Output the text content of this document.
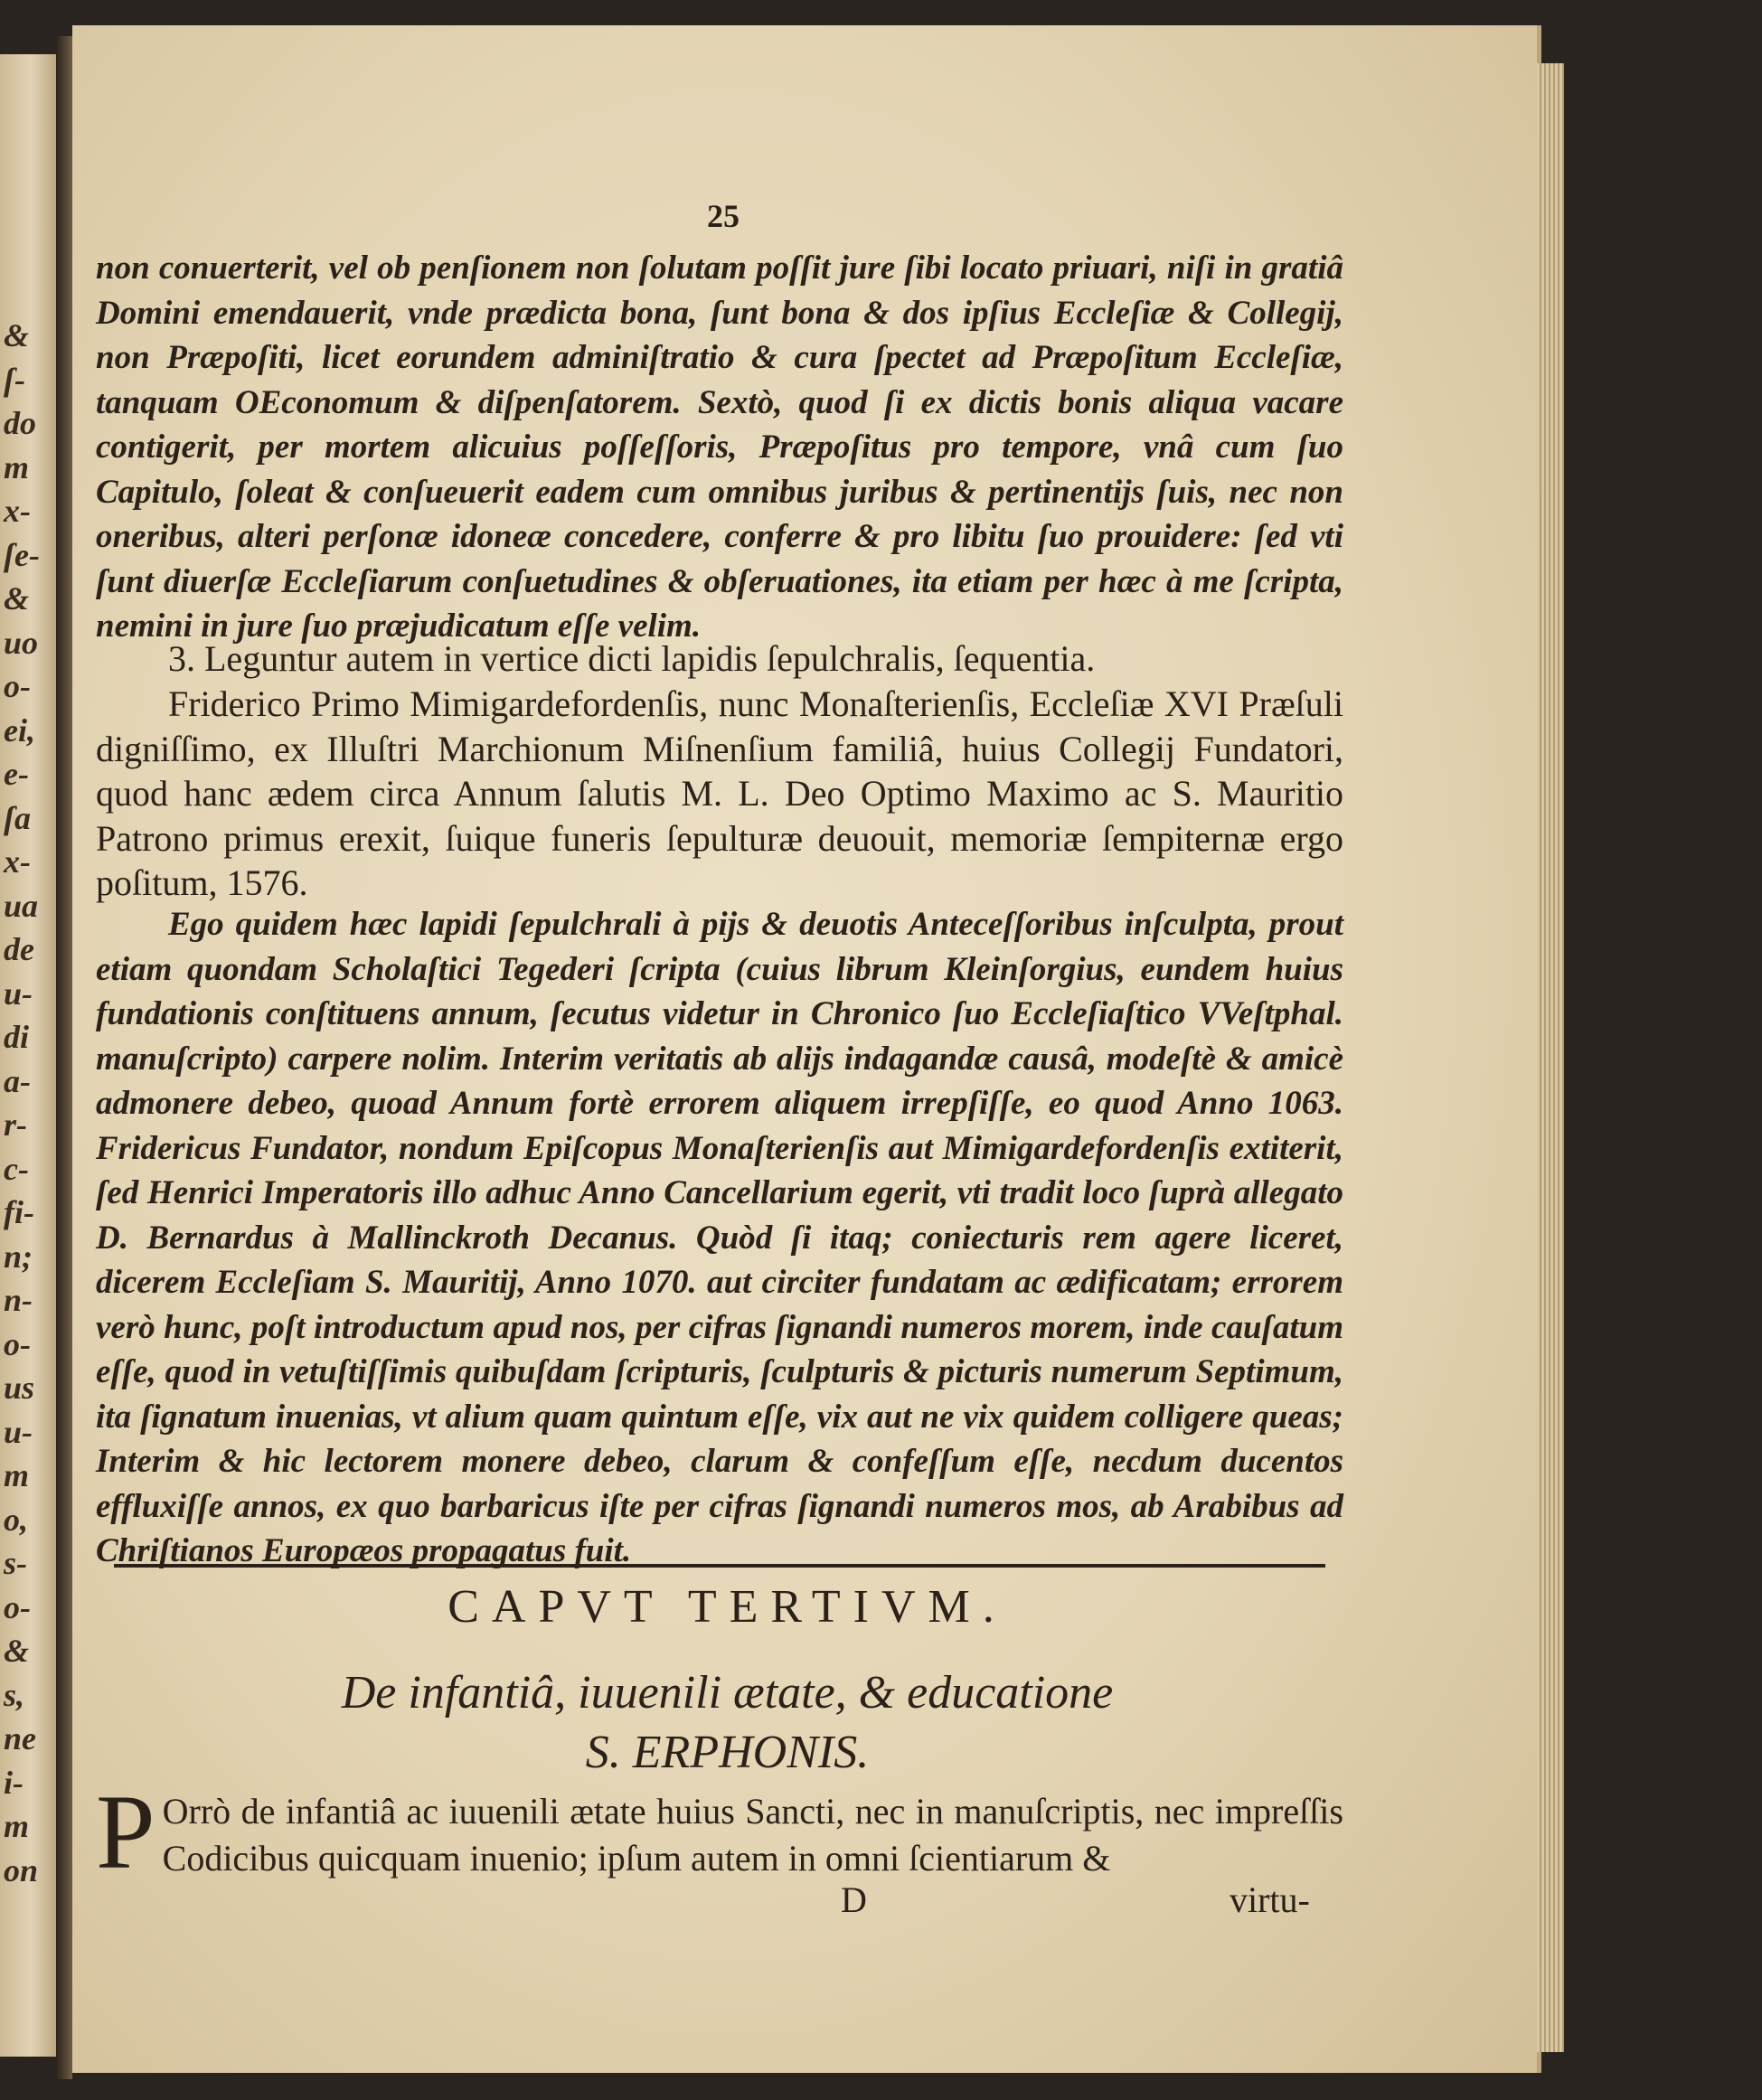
&
ſ-
do
m
x-
ſe-
&
uo
o-
ei,
e-
ſa
x-
ua
de
u-
di
a-
r-
c-
fi-
n;
n-
o-
us
u-
m
o,
s-
o-
&
s,
ne
i-
m
on
25
non conuerterit, vel ob penſionem non ſolutam poſſit jure ſibi locato priuari, niſi in gratiâ Domini emendauerit, vnde prædicta bona, ſunt bona & dos ipſius Eccleſiæ & Collegij, non Præpoſiti, licet eorundem adminiſtratio & cura ſpectet ad Præpoſitum Eccleſiæ, tanquam OEconomum & diſpenſatorem. Sextò, quod ſi ex dictis bonis aliqua vacare contigerit, per mortem alicuius poſſeſſoris, Præpoſitus pro tempore, vnâ cum ſuo Capitulo, ſoleat & conſueuerit eadem cum omnibus juribus & pertinentijs ſuis, nec non oneribus, alteri perſonæ idoneæ concedere, conferre & pro libitu ſuo prouidere: ſed vti ſunt diuerſæ Eccleſiarum conſuetudines & obſeruationes, ita etiam per hæc à me ſcripta, nemini in jure ſuo præjudicatum eſſe velim.
3. Leguntur autem in vertice dicti lapidis ſepulchralis, ſequentia.
Friderico Primo Mimigardefordenſis, nunc Monaſterienſis, Eccleſiæ XVI Præſuli digniſſimo, ex Illuſtri Marchionum Miſnenſium familiâ, huius Collegij Fundatori, quod hanc ædem circa Annum ſalutis M. L. Deo Optimo Maximo ac S. Mauritio Patrono primus erexit, ſuique funeris ſepulturæ deuouit, memoriæ ſempiternæ ergo poſitum, 1576.
Ego quidem hæc lapidi ſepulchrali à pijs & deuotis Anteceſſoribus inſculpta, prout etiam quondam Scholaſtici Tegederi ſcripta (cuius librum Kleinſorgius, eundem huius fundationis conſtituens annum, ſecutus videtur in Chronico ſuo Eccleſiaſtico VVeſtphal. manuſcripto) carpere nolim. Interim veritatis ab alijs indagandæ causâ, modeſtè & amicè admonere debeo, quoad Annum fortè errorem aliquem irrepſiſſe, eo quod Anno 1063. Fridericus Fundator, nondum Epiſcopus Monaſterienſis aut Mimigardefordenſis extiterit, ſed Henrici Imperatoris illo adhuc Anno Cancellarium egerit, vti tradit loco ſuprà allegato D. Bernardus à Mallinckroth Decanus. Quòd ſi itaq; coniecturis rem agere liceret, dicerem Eccleſiam S. Mauritij, Anno 1070. aut circiter fundatam ac ædificatam; errorem verò hunc, poſt introductum apud nos, per cifras ſignandi numeros morem, inde cauſatum eſſe, quod in vetuſtiſſimis quibuſdam ſcripturis, ſculpturis & picturis numerum Septimum, ita ſignatum inuenias, vt alium quam quintum eſſe, vix aut ne vix quidem colligere queas; Interim & hic lectorem monere debeo, clarum & confeſſum eſſe, necdum ducentos effluxiſſe annos, ex quo barbaricus iſte per cifras ſignandi numeros mos, ab Arabibus ad Chriſtianos Europæos propagatus fuit.
CAPVT TERTIVM.
De infantiâ, iuuenili ætate, & educatione
S. ERPHONIS.
P Orrò de infantiâ ac iuuenili ætate huius Sancti, nec in manuſcriptis, nec impreſſis Codicibus quicquam inuenio; ipſum autem in omni ſcientiarum &
D	virtu-
